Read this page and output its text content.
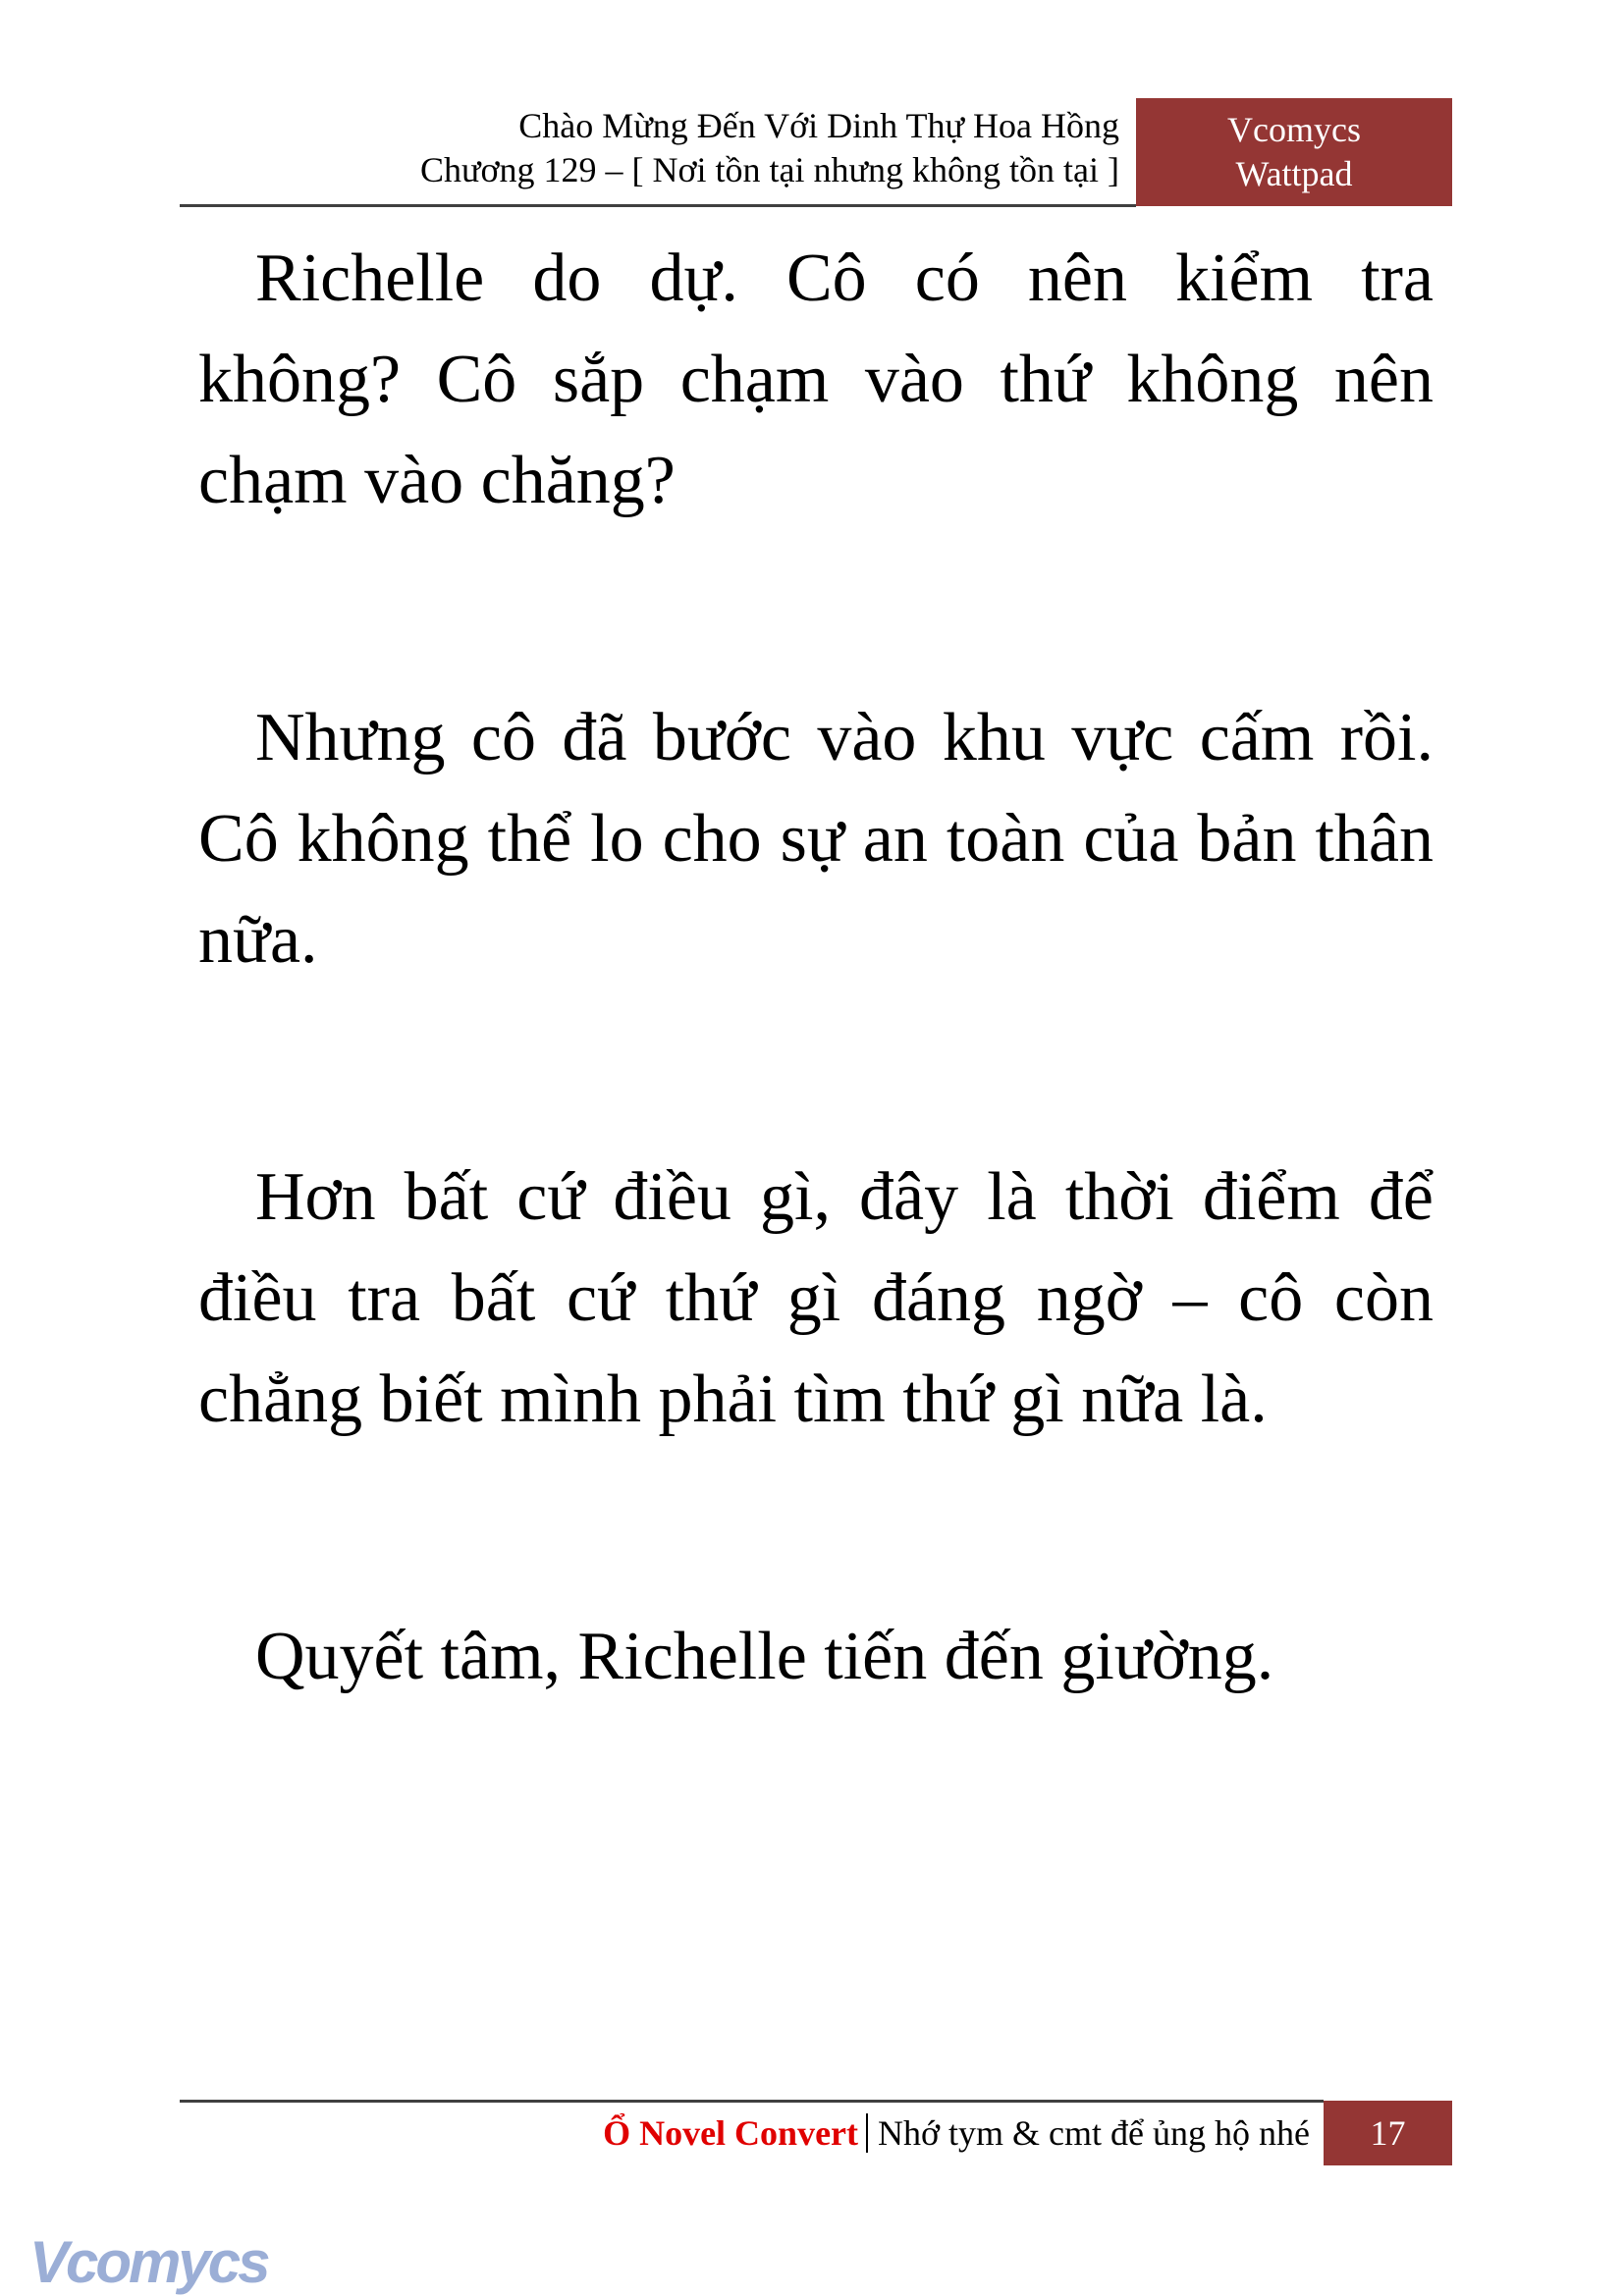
Chào Mừng Đến Với Dinh Thự Hoa Hồng
Chương 129 – [ Nơi tồn tại nhưng không tồn tại ]
Vcomycs
Wattpad

Richelle do dự. Cô có nên kiểm tra không? Cô sắp chạm vào thứ không nên chạm vào chăng?

Nhưng cô đã bước vào khu vực cấm rồi. Cô không thể lo cho sự an toàn của bản thân nữa.

Hơn bất cứ điều gì, đây là thời điểm để điều tra bất cứ thứ gì đáng ngờ – cô còn chẳng biết mình phải tìm thứ gì nữa là.

Quyết tâm, Richelle tiến đến giường.

Ổ Novel Convert Nhớ tym & cmt để ủng hộ nhé	17
Vcomycs
